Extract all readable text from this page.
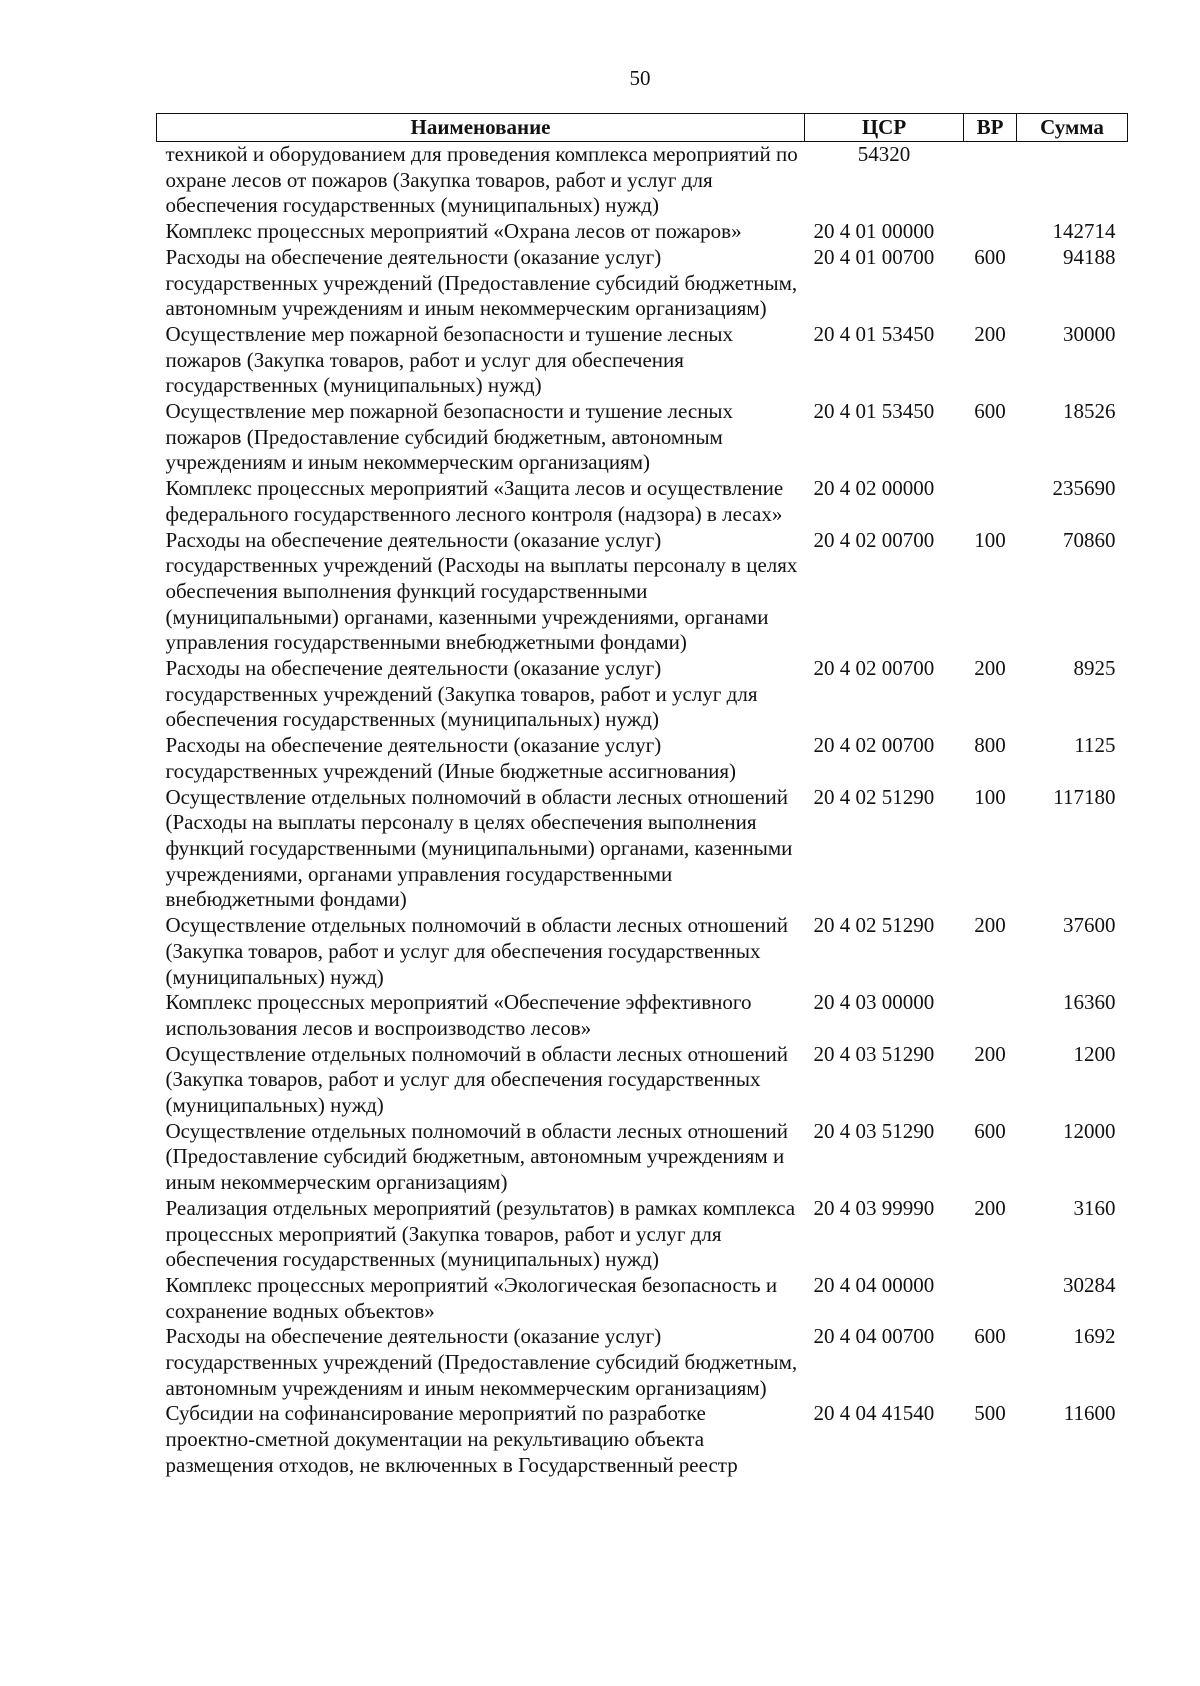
50
Наименование	ЦСР	ВР	Сумма
техникой и оборудованием для проведения комплекса мероприятий по охране лесов от пожаров (Закупка товаров, работ и услуг для обеспечения государственных (муниципальных) нужд)	54320		
Комплекс процессных мероприятий «Охрана лесов от пожаров»	20 4 01 00000		142714
Расходы на обеспечение деятельности (оказание услуг) государственных учреждений (Предоставление субсидий бюджетным, автономным учреждениям и иным некоммерческим организациям)	20 4 01 00700	600	94188
Осуществление мер пожарной безопасности и тушение лесных пожаров (Закупка товаров, работ и услуг для обеспечения государственных (муниципальных) нужд)	20 4 01 53450	200	30000
Осуществление мер пожарной безопасности и тушение лесных пожаров (Предоставление субсидий бюджетным, автономным учреждениям и иным некоммерческим организациям)	20 4 01 53450	600	18526
Комплекс процессных мероприятий «Защита лесов и осуществление федерального государственного лесного контроля (надзора) в лесах»	20 4 02 00000		235690
Расходы на обеспечение деятельности (оказание услуг) государственных учреждений (Расходы на выплаты персоналу в целях обеспечения выполнения функций государственными (муниципальными) органами, казенными учреждениями, органами управления государственными внебюджетными фондами)	20 4 02 00700	100	70860
Расходы на обеспечение деятельности (оказание услуг) государственных учреждений (Закупка товаров, работ и услуг для обеспечения государственных (муниципальных) нужд)	20 4 02 00700	200	8925
Расходы на обеспечение деятельности (оказание услуг) государственных учреждений (Иные бюджетные ассигнования)	20 4 02 00700	800	1125
Осуществление отдельных полномочий в области лесных отношений (Расходы на выплаты персоналу в целях обеспечения выполнения функций государственными (муниципальными) органами, казенными учреждениями, органами управления государственными внебюджетными фондами)	20 4 02 51290	100	117180
Осуществление отдельных полномочий в области лесных отношений (Закупка товаров, работ и услуг для обеспечения государственных (муниципальных) нужд)	20 4 02 51290	200	37600
Комплекс процессных мероприятий «Обеспечение эффективного использования лесов и воспроизводство лесов»	20 4 03 00000		16360
Осуществление отдельных полномочий в области лесных отношений (Закупка товаров, работ и услуг для обеспечения государственных (муниципальных) нужд)	20 4 03 51290	200	1200
Осуществление отдельных полномочий в области лесных отношений (Предоставление субсидий бюджетным, автономным учреждениям и иным некоммерческим организациям)	20 4 03 51290	600	12000
Реализация отдельных мероприятий (результатов) в рамках комплекса процессных мероприятий (Закупка товаров, работ и услуг для обеспечения государственных (муниципальных) нужд)	20 4 03 99990	200	3160
Комплекс процессных мероприятий «Экологическая безопасность и сохранение водных объектов»	20 4 04 00000		30284
Расходы на обеспечение деятельности (оказание услуг) государственных учреждений (Предоставление субсидий бюджетным, автономным учреждениям и иным некоммерческим организациям)	20 4 04 00700	600	1692
Субсидии на софинансирование мероприятий по разработке проектно-сметной документации на рекультивацию объекта размещения отходов, не включенных в Государственный реестр	20 4 04 41540	500	11600
